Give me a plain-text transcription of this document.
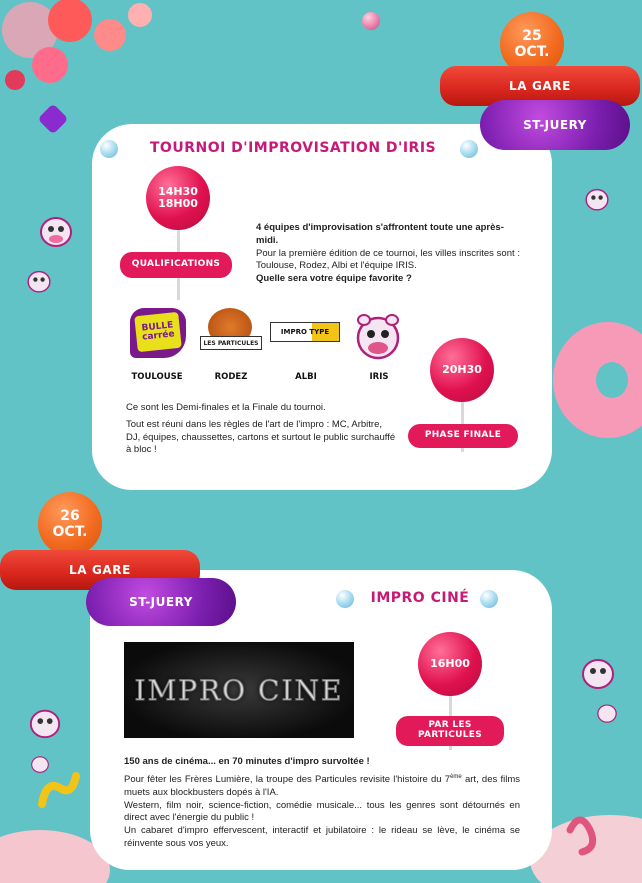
TOURNOI D'IMPROVISATION D'IRIS
25
OCT.
LA GARE
ST-JUERY
14H30
18H00
QUALIFICATIONS
4 équipes d'improvisation s'affrontent toute une après-midi.

Pour la première édition de ce tournoi, les villes inscrites sont : Toulouse, Rodez, Albi et l'équipe IRIS.
Quelle sera votre équipe favorite ?
BULLE carrée
TOULOUSE
LES PARTICULES
RODEZ
IMPRO TYPE
ALBI	IRIS
20H30
PHASE FINALE
Ce sont les Demi-finales et la Finale du tournoi.
Tout est réuni dans les règles de l'art de l'impro : MC, Arbitre, DJ, équipes, chaussettes, cartons et surtout le public surchauffé à bloc !
26
OCT.
LA GARE
ST-JUERY	IMPRO CINÉ
IMPRO CINE
16H00
PAR LES
PARTICULES
150 ans de cinéma... en 70 minutes d'impro survoltée !
Pour fêter les Frères Lumière, la troupe des Particules revisite l'histoire du 7ème art, des films muets aux blockbusters dopés à l'IA.
Western, film noir, science-fiction, comédie musicale... tous les genres sont détournés en direct avec l'énergie du public !
Un cabaret d'impro effervescent, interactif et jubilatoire : le rideau se lève, le cinéma se réinvente sous vos yeux.
